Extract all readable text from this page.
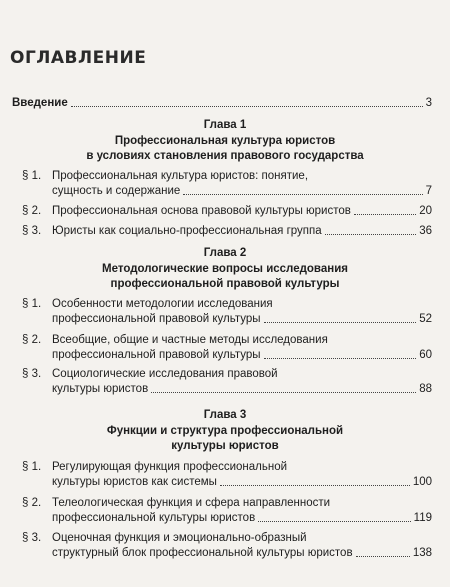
ОГЛАВЛЕНИЕ
Введение	3
Глава 1
Профессиональная культура юристов
в условиях становления правового государства
§ 1. Профессиональная культура юристов: понятие,
сущность и содержание	7
§ 2. Профессиональная основа правовой культуры юристов	20
§ 3. Юристы как социально-профессиональная группа	36
Глава 2
Методологические вопросы исследования
профессиональной правовой культуры
§ 1. Особенности методологии исследования
профессиональной правовой культуры	52
§ 2. Всеобщие, общие и частные методы исследования
профессиональной правовой культуры	60
§ 3. Социологические исследования правовой
культуры юристов	88
Глава 3
Функции и структура профессиональной
культуры юристов
§ 1. Регулирующая функция профессиональной
культуры юристов как системы	100
§ 2. Телеологическая функция и сфера направленности
профессиональной культуры юристов	119
§ 3. Оценочная функция и эмоционально-образный
структурный блок профессиональной культуры юристов	138
